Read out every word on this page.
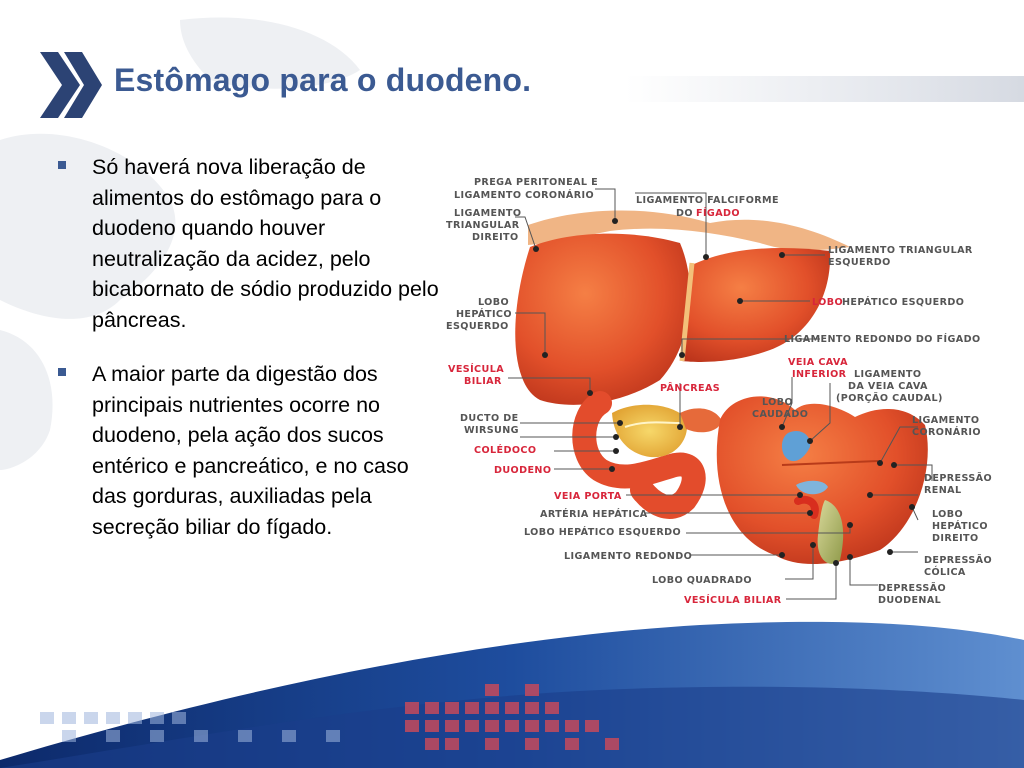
Estômago para o duodeno.
Só haverá nova liberação de alimentos do estômago para o duodeno quando houver neutralização da acidez, pelo bicabornato de sódio produzido pelo pâncreas.
A maior parte da digestão dos principais nutrientes ocorre no duodeno, pela ação dos sucos entérico e pancreático, e no caso das gorduras, auxiliadas pela secreção biliar do fígado.
PREGA PERITONEAL E
LIGAMENTO CORONÁRIO
LIGAMENTO
TRIANGULAR
DIREITO
LIGAMENTO FALCIFORME
DO FÍGADO
LIGAMENTO TRIANGULAR
ESQUERDO
LOBO
HEPÁTICO
ESQUERDO
LOBO HEPÁTICO ESQUERDO
LIGAMENTO REDONDO DO FÍGADO
VESÍCULA
BILIAR
VEIA CAVA
INFERIOR LIGAMENTO
DA VEIA CAVA
(PORÇÃO CAUDAL)
PÂNCREAS
LOBO
CAUDADO
LIGAMENTO
CORONÁRIO
DUCTO DE
WIRSUNG
COLÉDOCO
DUODENO
DEPRESSÃO
RENAL
VEIA PORTA
ARTÉRIA HEPÁTICA
LOBO HEPÁTICO ESQUERDO
LOBO
HEPÁTICO
DIREITO
LIGAMENTO REDONDO	DEPRESSÃO
CÓLICA
LOBO QUADRADO
DEPRESSÃO
DUODENAL
VESÍCULA BILIAR
